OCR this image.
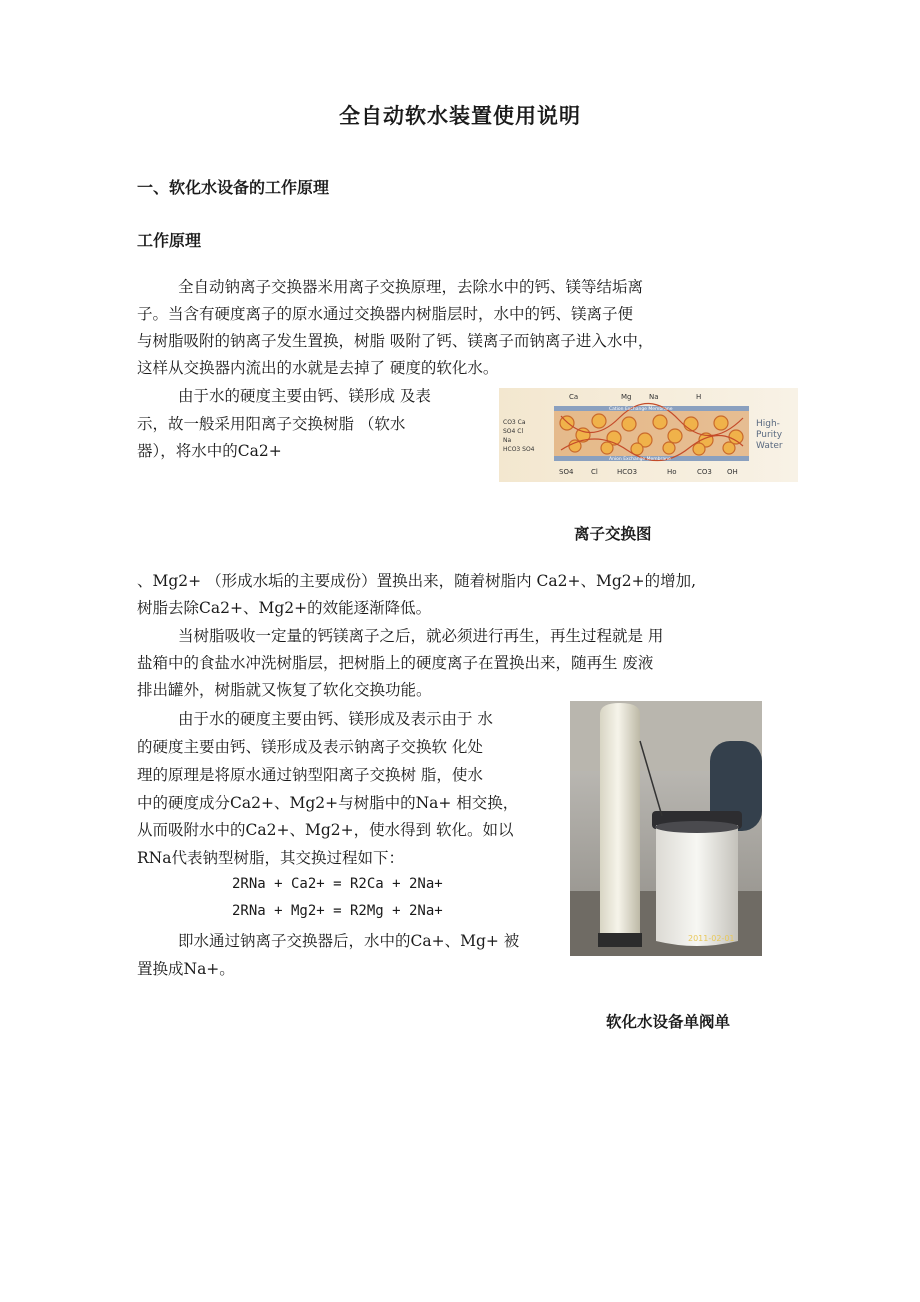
全自动软水装置使用说明
一、软化水设备的工作原理
工作原理
全自动钠离子交换器米用离子交换原理，去除水中的钙、镁等结垢离
子。当含有硬度离子的原水通过交换器内树脂层时，水中的钙、镁离子便
与树脂吸附的钠离子发生置换，树脂 吸附了钙、镁离子而钠离子进入水中，
这样从交换器内流出的水就是去掉了 硬度的软化水。
由于水的硬度主要由钙、镁形成 及表
示，故一般采用阳离子交换树脂 （软水
器），将水中的Ca2+
Ca	Mg	Na	H
Cation Exchange Membrane
Anion Exchange Membrane
CO3 Ca
SO4 Cl
Na
HCO3 SO4
SO4	Cl	HCO3	Ho	CO3 OH
High-
Purity
Water
离子交换图
、Mg2+ （形成水垢的主要成份）置换出来，随着树脂内 Ca2+、Mg2+的增加,
树脂去除Ca2+、Mg2+的效能逐渐降低。
当树脂吸收一定量的钙镁离子之后，就必须进行再生，再生过程就是 用
盐箱中的食盐水冲洗树脂层，把树脂上的硬度离子在置换出来，随再生 废液
排出罐外，树脂就又恢复了软化交换功能。
由于水的硬度主要由钙、镁形成及表示由于 水
的硬度主要由钙、镁形成及表示钠离子交换软 化处
理的原理是将原水通过钠型阳离子交换树 脂，使水
中的硬度成分Ca2+、Mg2+与树脂中的Na+ 相交换，
从而吸附水中的Ca2+、Mg2+，使水得到 软化。如以
RNa代表钠型树脂，其交换过程如下：
2RNa + Ca2+ = R2Ca + 2Na+
2RNa + Mg2+ = R2Mg + 2Na+
即水通过钠离子交换器后，水中的Ca+、Mg+ 被
置换成Na+。
2011-02-01
软化水设备单阀单
